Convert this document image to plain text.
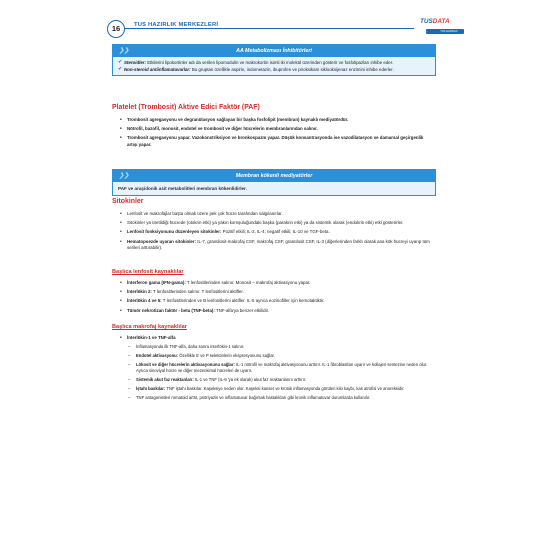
16	TUS HAZIRLIK MERKEZLERİ	TUSDATA
– TUS HAZIRLIK MERKEZLERİ
❯❯	AA Metabolizması İnhibitörleri
✔ Steroidler: Etkilerini lipokortinler adı da verilen lipomodulin ve makrokortin isimli iki molekül üzerinden gösterir ve fosfolipazları inhibe eder.
✔ Non-steroid antiinflamatuvarlar: Bu gruptan özellikle aspirin, indometazin, ibuprofen ve piroksikam siklooksijenaz enzimini inhibe ederler.
Platelet (Trombosit) Aktive Edici Faktör (PAF)
• Trombosit agregasyonu ve degranülasyon sağlayan bir başka fosfolipit (membran) kaynaklı mediyatördür.
• Nötrofil, bazofil, monosit, endotel ve trombosit ve diğer hücrelerin membranlarından salınır.
• Trombosit agregasyonu yapar. Vazokonstriksiyon ve bronkospazm yapar. Düşük konsantrasyonda ise vazodilatasyon ve damarsal geçirgenlik artışı yapar.
❯❯	Membran kökenli mediyatörler
PAF ve araşidonik asit metabolitleri membran kökenlidirler.
Sitokinler
• Lenfosit ve makrofajlar başta olmak üzere pek çok hücre tarafından salgılanırlar.
• Sitokinler ya üretildiği hücrede (otokrin etki) ya yakın komşuluğundaki başka (parakrin etki) ya da sistemik olarak (endokrin etki) etki gösterirler.
• Lenfosit fonksiyonunu düzenleyen sitokinler: Pozitif etkili; IL-2, IL-4; negatif etkili; IL-10 ve TGF-beta.
• Hematopoezde uyaran sitokinler: IL-7, granülosit-makrofaj CSF, makrofaj CSF, granülosit CSF, IL-3 (diğerlerinden farklı olarak ana kök hücreyi uyarıp tüm serileri arttırabilir).
Başlıca lenfosit kaynaklılar
• İnterferon gama (IFN-gama): T lenfositlerinden salınır. Monosit – makrofaj aktivasyonu yapar.
• İnterlökin 2: T lenfositlerinden salınır. T lenfositlerini aktifler.
• İnterlökin 4 ve 5: T lenfositlerinden ve B lenfositlerini aktifler. IL-5 ayrıca eozinofiller için kemotaktiktir.
• Tümör nekrotizan faktör - beta (TNF-beta): TNF-alfa'ya benzer etkilidir.
Başlıca makrofaj kaynaklılar
• İnterlökin-1 ve TNF-alfa
– İnflamasyonda ilk TNF-alfa, daha sonra interlökin-1 salınır.
– Endotel aktivasyonu: Özellikle E ve P selektinlerin ekspresyonunu sağlar.
– Lökosit ve diğer hücrelerin aktivasyonunu sağlar: IL-1 nötrofil ve makrofaj aktivasyonunu arttırır. IL-1 fibroblastları uyarır ve kollajen sentezine neden olur. Ayrıca sinoviyal hücre ve diğer mezenkimal hücreleri de uyarır.
– Sistemik akut faz reaktanları: IL-1 ve TNF (IL-6 'ya ek olarak) akut faz reaktanlarını arttırır.
– İştahı baskılar: TNF iştahı baskılar. Kaşeksiye neden olur. Kaşeksi kanser ve kronik inflamasyonda görülen kilo kaybı, kas atrofisi ve anoreksidir.
– TNF antagonistleri romatoid artrit, psöriyazis ve inflamatuvar bağırsak hastalıkları gibi kronik inflamatuvar durumlarda kullanılır.
